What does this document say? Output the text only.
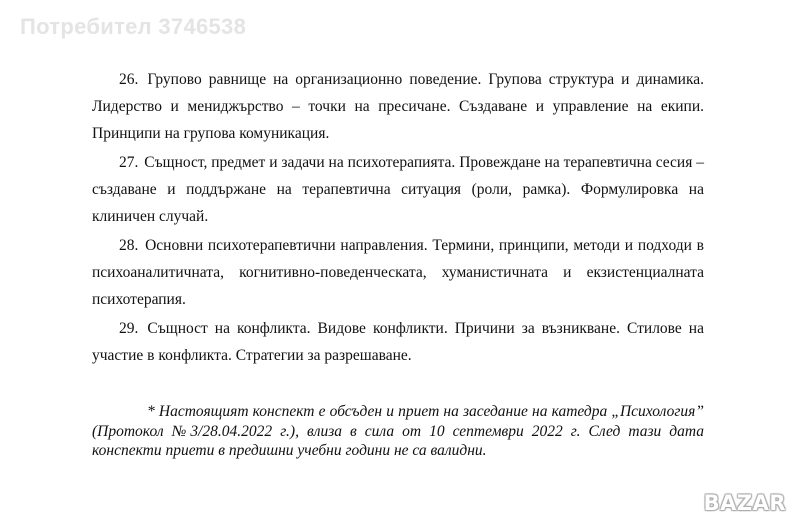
Потребител 3746538

26. Групово равнище на организационно поведение. Групова структура и динамика. Лидерство и мениджърство – точки на пресичане. Създаване и управление на екипи. Принципи на групова комуникация.

27. Същност, предмет и задачи на психотерапията. Провеждане на терапевтична сесия – създаване и поддържане на терапевтична ситуация (роли, рамка). Формулировка на клиничен случай.

28. Основни психотерапевтични направления. Термини, принципи, методи и подходи в психоаналитичната, когнитивно-поведенческата, хуманистичната и екзистенциалната психотерапия.

29. Същност на конфликта. Видове конфликти. Причини за възникване. Стилове на участие в конфликта. Стратегии за разрешаване.

* Настоящият конспект е обсъден и приет на заседание на катедра „Психология” (Протокол №3/28.04.2022 г.), влиза в сила от 10 септември 2022 г. След тази дата конспекти приети в предишни учебни години не са валидни.

BAZAR
